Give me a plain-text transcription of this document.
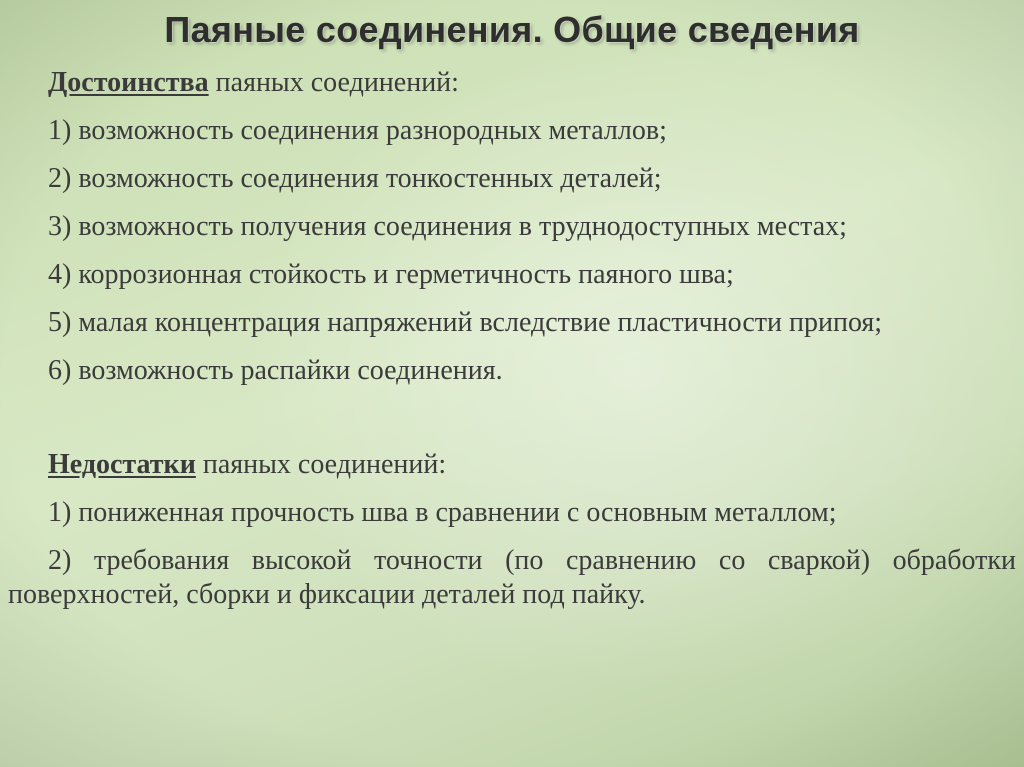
Паяные соединения. Общие сведения

Достоинства паяных соединений:

1) возможность соединения разнородных металлов;

2) возможность соединения тонкостенных деталей;

3) возможность получения соединения в труднодоступных местах;

4) коррозионная стойкость и герметичность паяного шва;

5) малая концентрация напряжений вследствие пластичности припоя;

6) возможность распайки соединения.

Недостатки паяных соединений:

1) пониженная прочность шва в сравнении с основным металлом;

2) требования высокой точности (по сравнению со сваркой) обработки поверхностей, сборки и фиксации деталей под пайку.
